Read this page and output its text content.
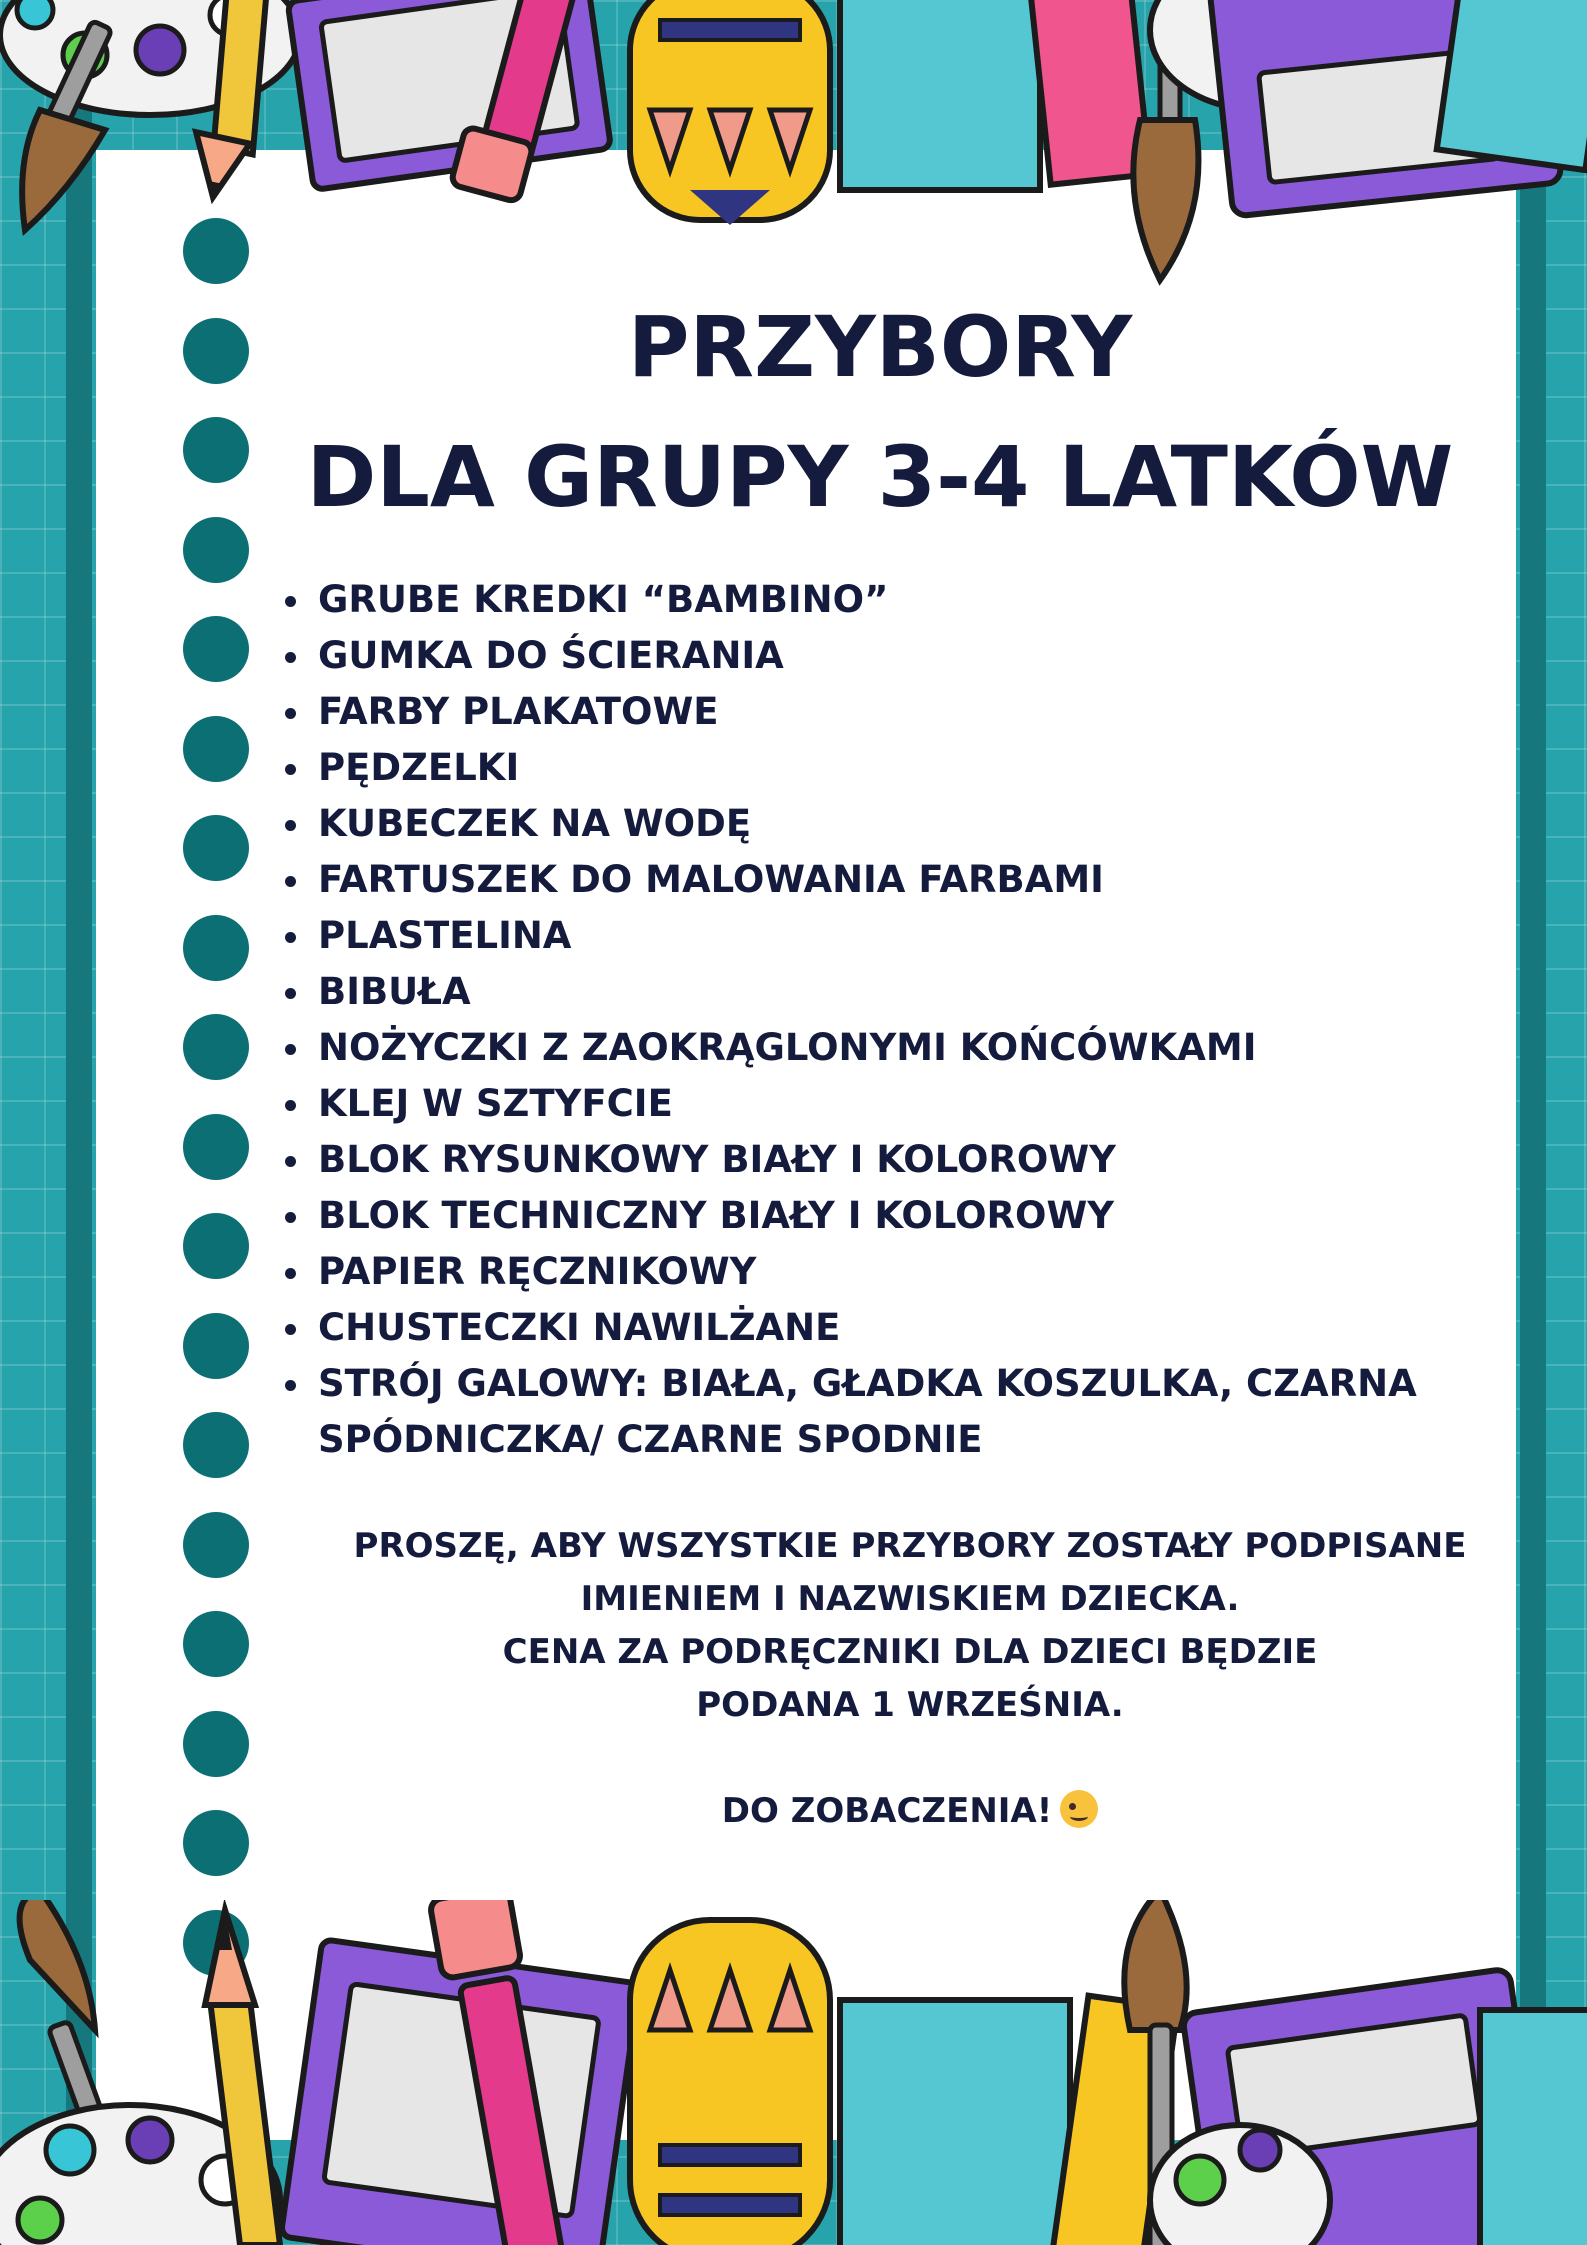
PRZYBORY
DLA GRUPY 3-4 LATKÓW
GRUBE KREDKI “BAMBINO”
GUMKA DO ŚCIERANIA
FARBY PLAKATOWE
PĘDZELKI
KUBECZEK NA WODĘ
FARTUSZEK DO MALOWANIA FARBAMI
PLASTELINA
BIBUŁA
NOŻYCZKI Z ZAOKRĄGLONYMI KOŃCÓWKAMI
KLEJ W SZTYFCIE
BLOK RYSUNKOWY BIAŁY I KOLOROWY
BLOK TECHNICZNY BIAŁY I KOLOROWY
PAPIER RĘCZNIKOWY
CHUSTECZKI NAWILŻANE
STRÓJ GALOWY: BIAŁA, GŁADKA KOSZULKA, CZARNA SPÓDNICZKA/ CZARNE SPODNIE

PROSZĘ, ABY WSZYSTKIE PRZYBORY ZOSTAŁY PODPISANE
IMIENIEM I NAZWISKIEM DZIECKA.
CENA ZA PODRĘCZNIKI DLA DZIECI BĘDZIE
PODANA 1 WRZEŚNIA.

DO ZOBACZENIA!
